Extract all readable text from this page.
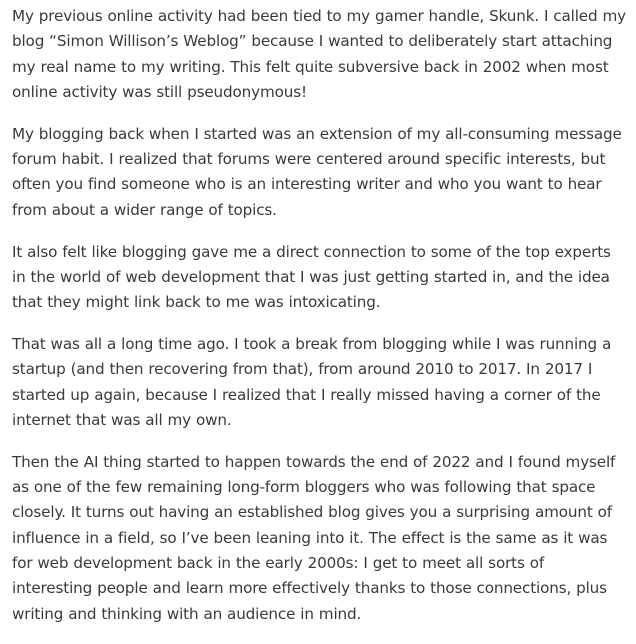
My previous online activity had been tied to my gamer handle, Skunk. I called my blog “Simon Willison’s Weblog” because I wanted to deliberately start attaching my real name to my writing. This felt quite subversive back in 2002 when most online activity was still pseudonymous!

My blogging back when I started was an extension of my all-consuming message forum habit. I realized that forums were centered around specific interests, but often you find someone who is an interesting writer and who you want to hear from about a wider range of topics.

It also felt like blogging gave me a direct connection to some of the top experts in the world of web development that I was just getting started in, and the idea that they might link back to me was intoxicating.

That was all a long time ago. I took a break from blogging while I was running a startup (and then recovering from that), from around 2010 to 2017. In 2017 I started up again, because I realized that I really missed having a corner of the internet that was all my own.

Then the AI thing started to happen towards the end of 2022 and I found myself as one of the few remaining long-form bloggers who was following that space closely. It turns out having an established blog gives you a surprising amount of influence in a field, so I’ve been leaning into it. The effect is the same as it was for web development back in the early 2000s: I get to meet all sorts of interesting people and learn more effectively thanks to those connections, plus writing and thinking with an audience in mind.
